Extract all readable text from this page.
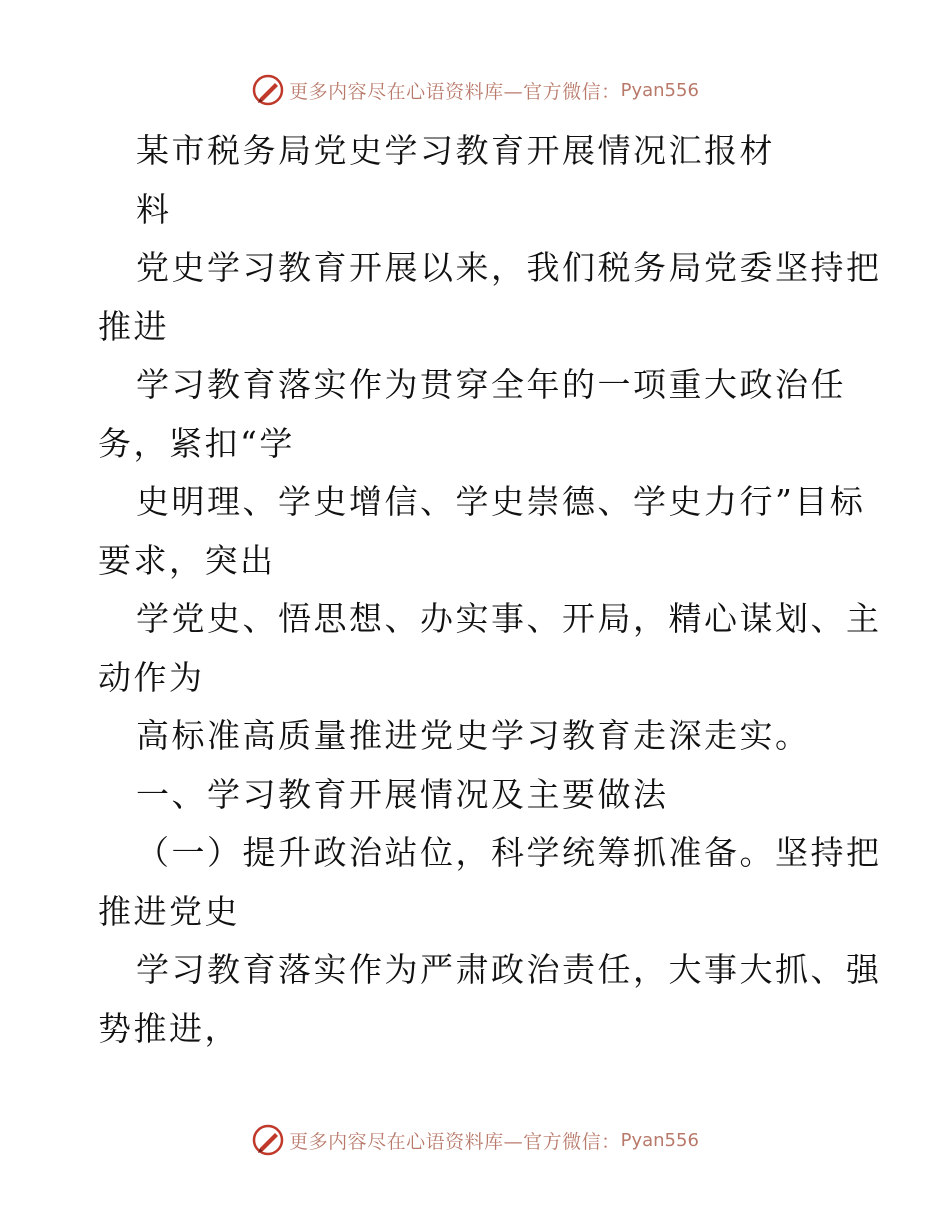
更多内容尽在心语资料库—官方微信： Pyan556
某市税务局党史学习教育开展情况汇报材
料
党史学习教育开展以来，我们税务局党委坚持把
推进
学习教育落实作为贯穿全年的一项重大政治任
务，紧扣“学
史明理、学史增信、学史崇德、学史力行”目标
要求，突出
学党史、悟思想、办实事、开局，精心谋划、主
动作为
高标准高质量推进党史学习教育走深走实。
一、学习教育开展情况及主要做法
（一）提升政治站位，科学统筹抓准备。坚持把
推进党史
学习教育落实作为严肃政治责任，大事大抓、强
势推进，
更多内容尽在心语资料库—官方微信： Pyan556
